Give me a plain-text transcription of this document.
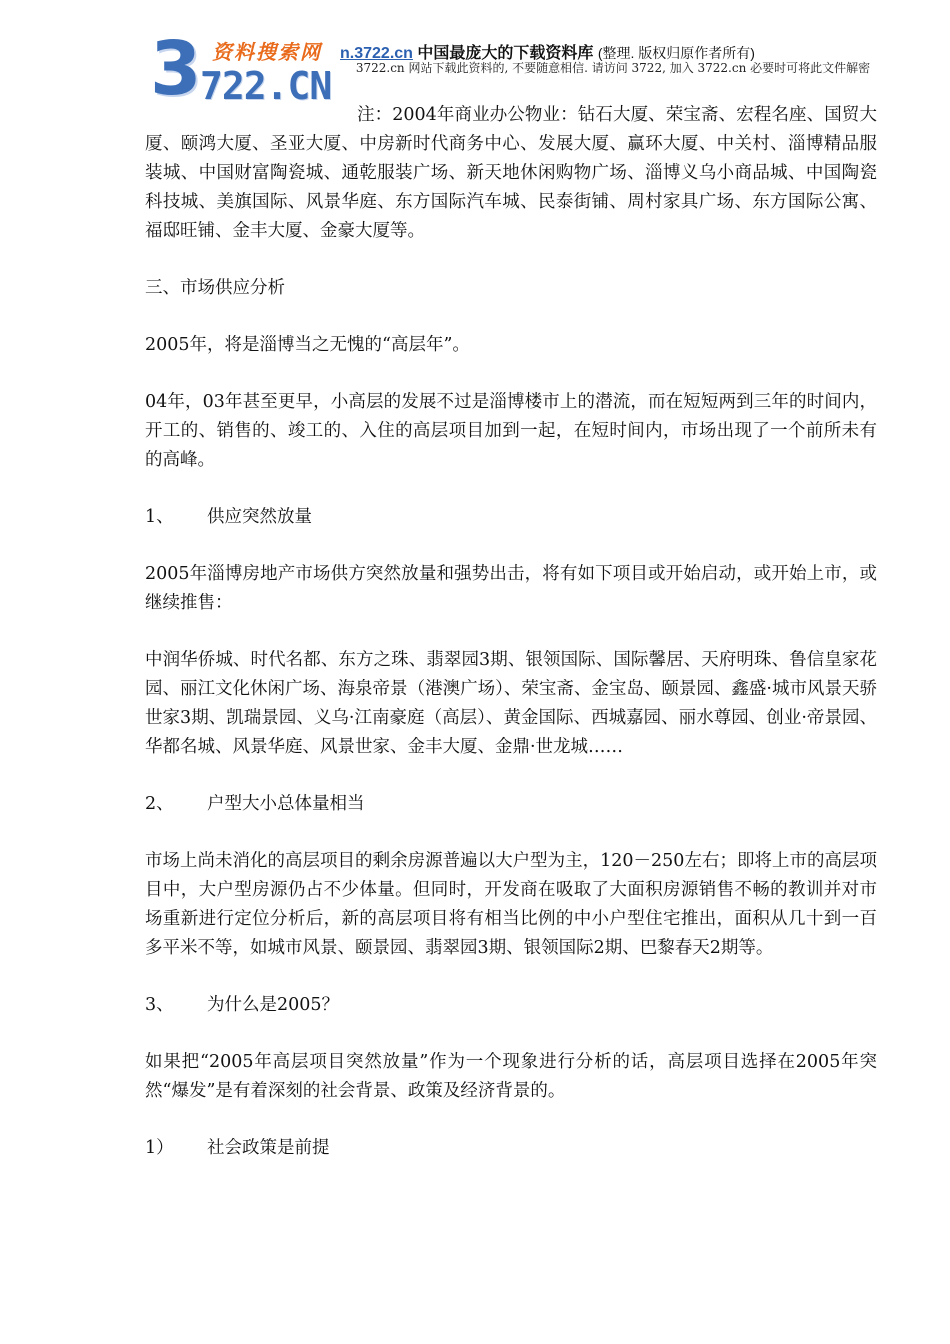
3 资料搜索网
722.CN
n.3722.cn 中国最庞大的下载资料库 (整理. 版权归原作者所有)
3722.cn 网站下载此资料的, 不要随意相信. 请访问 3722, 加入 3722.cn 必要时可将此文件解密

注：2004年商业办公物业：钻石大厦、荣宝斋、宏程名座、国贸大厦、颐鸿大厦、圣亚大厦、中房新时代商务中心、发展大厦、赢环大厦、中关村、淄博精品服装城、中国财富陶瓷城、通乾服装广场、新天地休闲购物广场、淄博义乌小商品城、中国陶瓷科技城、美旗国际、风景华庭、东方国际汽车城、民泰街铺、周村家具广场、东方国际公寓、福邸旺铺、金丰大厦、金豪大厦等。

三、市场供应分析

2005年，将是淄博当之无愧的“高层年”。

04年，03年甚至更早，小高层的发展不过是淄博楼市上的潜流，而在短短两到三年的时间内，开工的、销售的、竣工的、入住的高层项目加到一起，在短时间内，市场出现了一个前所未有的高峰。

1、 供应突然放量

2005年淄博房地产市场供方突然放量和强势出击，将有如下项目或开始启动，或开始上市，或继续推售：

中润华侨城、时代名都、东方之珠、翡翠园3期、银领国际、国际馨居、天府明珠、鲁信皇家花园、丽江文化休闲广场、海泉帝景（港澳广场）、荣宝斋、金宝岛、颐景园、鑫盛·城市风景天骄世家3期、凯瑞景园、义乌·江南豪庭（高层）、黄金国际、西城嘉园、丽水尊园、创业·帝景园、华都名城、风景华庭、风景世家、金丰大厦、金鼎·世龙城……

2、 户型大小总体量相当

市场上尚未消化的高层项目的剩余房源普遍以大户型为主，120－250左右；即将上市的高层项目中，大户型房源仍占不少体量。但同时，开发商在吸取了大面积房源销售不畅的教训并对市场重新进行定位分析后，新的高层项目将有相当比例的中小户型住宅推出，面积从几十到一百多平米不等，如城市风景、颐景园、翡翠园3期、银领国际2期、巴黎春天2期等。

3、 为什么是2005？

如果把“2005年高层项目突然放量”作为一个现象进行分析的话，高层项目选择在2005年突然“爆发”是有着深刻的社会背景、政策及经济背景的。

1） 社会政策是前提
